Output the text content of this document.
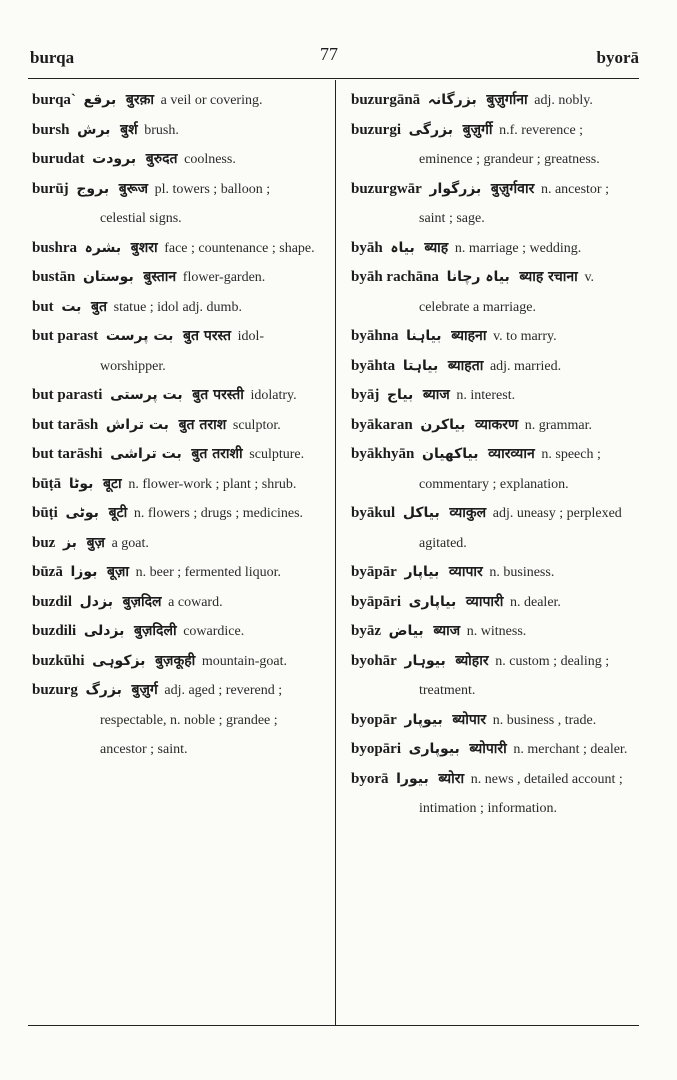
burqa	77	byorā
burqa` برقع बुरक़ा a veil or covering.
bursh برش बुर्श brush.
burudat برودت बुरुदत coolness.
burūj بروج बुरूज pl. towers ; balloon ; celestial signs.
bushra بشرہ बुशरा face ; countenance ; shape.
bustān بوستان बुस्तान flower-garden.
but بت बुत statue ; idol adj. dumb.
but parast بت پرست बुत परस्त idol-worshipper.
but parasti بت پرستی बुत परस्ती idolatry.
but tarāsh بت تراش बुत तराश sculptor.
but tarāshi بت تراشی बुत तराशी sculpture.
būṭā بوٹا बूटा n. flower-work ; plant ; shrub.
būṭi بوٹی बूटी n. flowers ; drugs ; medicines.
buz بز बुज़ a goat.
būzā بوزا बूज़ा n. beer ; fermented liquor.
buzdil بزدل बुज़दिल a coward.
buzdili بزدلی बुज़दिली cowardice.
buzkūhi بزکوہی बुज़कूही mountain-goat.
buzurg بزرگ बुज़ुर्ग adj. aged ; reverend ; respectable, n. noble ; grandee ; ancestor ; saint.
buzurgānā بزرگانہ बुज़ुर्गाना adj. nobly.
buzurgi بزرگی बुज़ुर्गी n.f. reverence ; eminence ; grandeur ; greatness.
buzurgwār بزرگوار बुज़ुर्गवार n. ancestor ; saint ; sage.
byāh بیاہ ब्याह n. marriage ; wedding.
byāh rachāna بیاہ رچانا ब्याह रचाना v. celebrate a marriage.
byāhna بیاہنا ब्याहना v. to marry.
byāhta بیاہتا ब्याहता adj. married.
byāj بیاج ब्याज n. interest.
byākaran بیاکرن व्याकरण n. grammar.
byākhyān بیاکھیان व्यारव्यान n. speech ; commentary ; explanation.
byākul بیاکل व्याकुल adj. uneasy ; perplexed agitated.
byāpār بیاپار व्यापार n. business.
byāpāri بیاپاری व्यापारी n. dealer.
byāz بیاض ब्याज n. witness.
byohār بیوہار ब्योहार n. custom ; dealing ; treatment.
byopār بیوپار ब्योपार n. business , trade.
byopāri بیوپاری ब्योपारी n. merchant ; dealer.
byorā بیورا ब्योरा n. news , detailed account ; intimation ; information.
